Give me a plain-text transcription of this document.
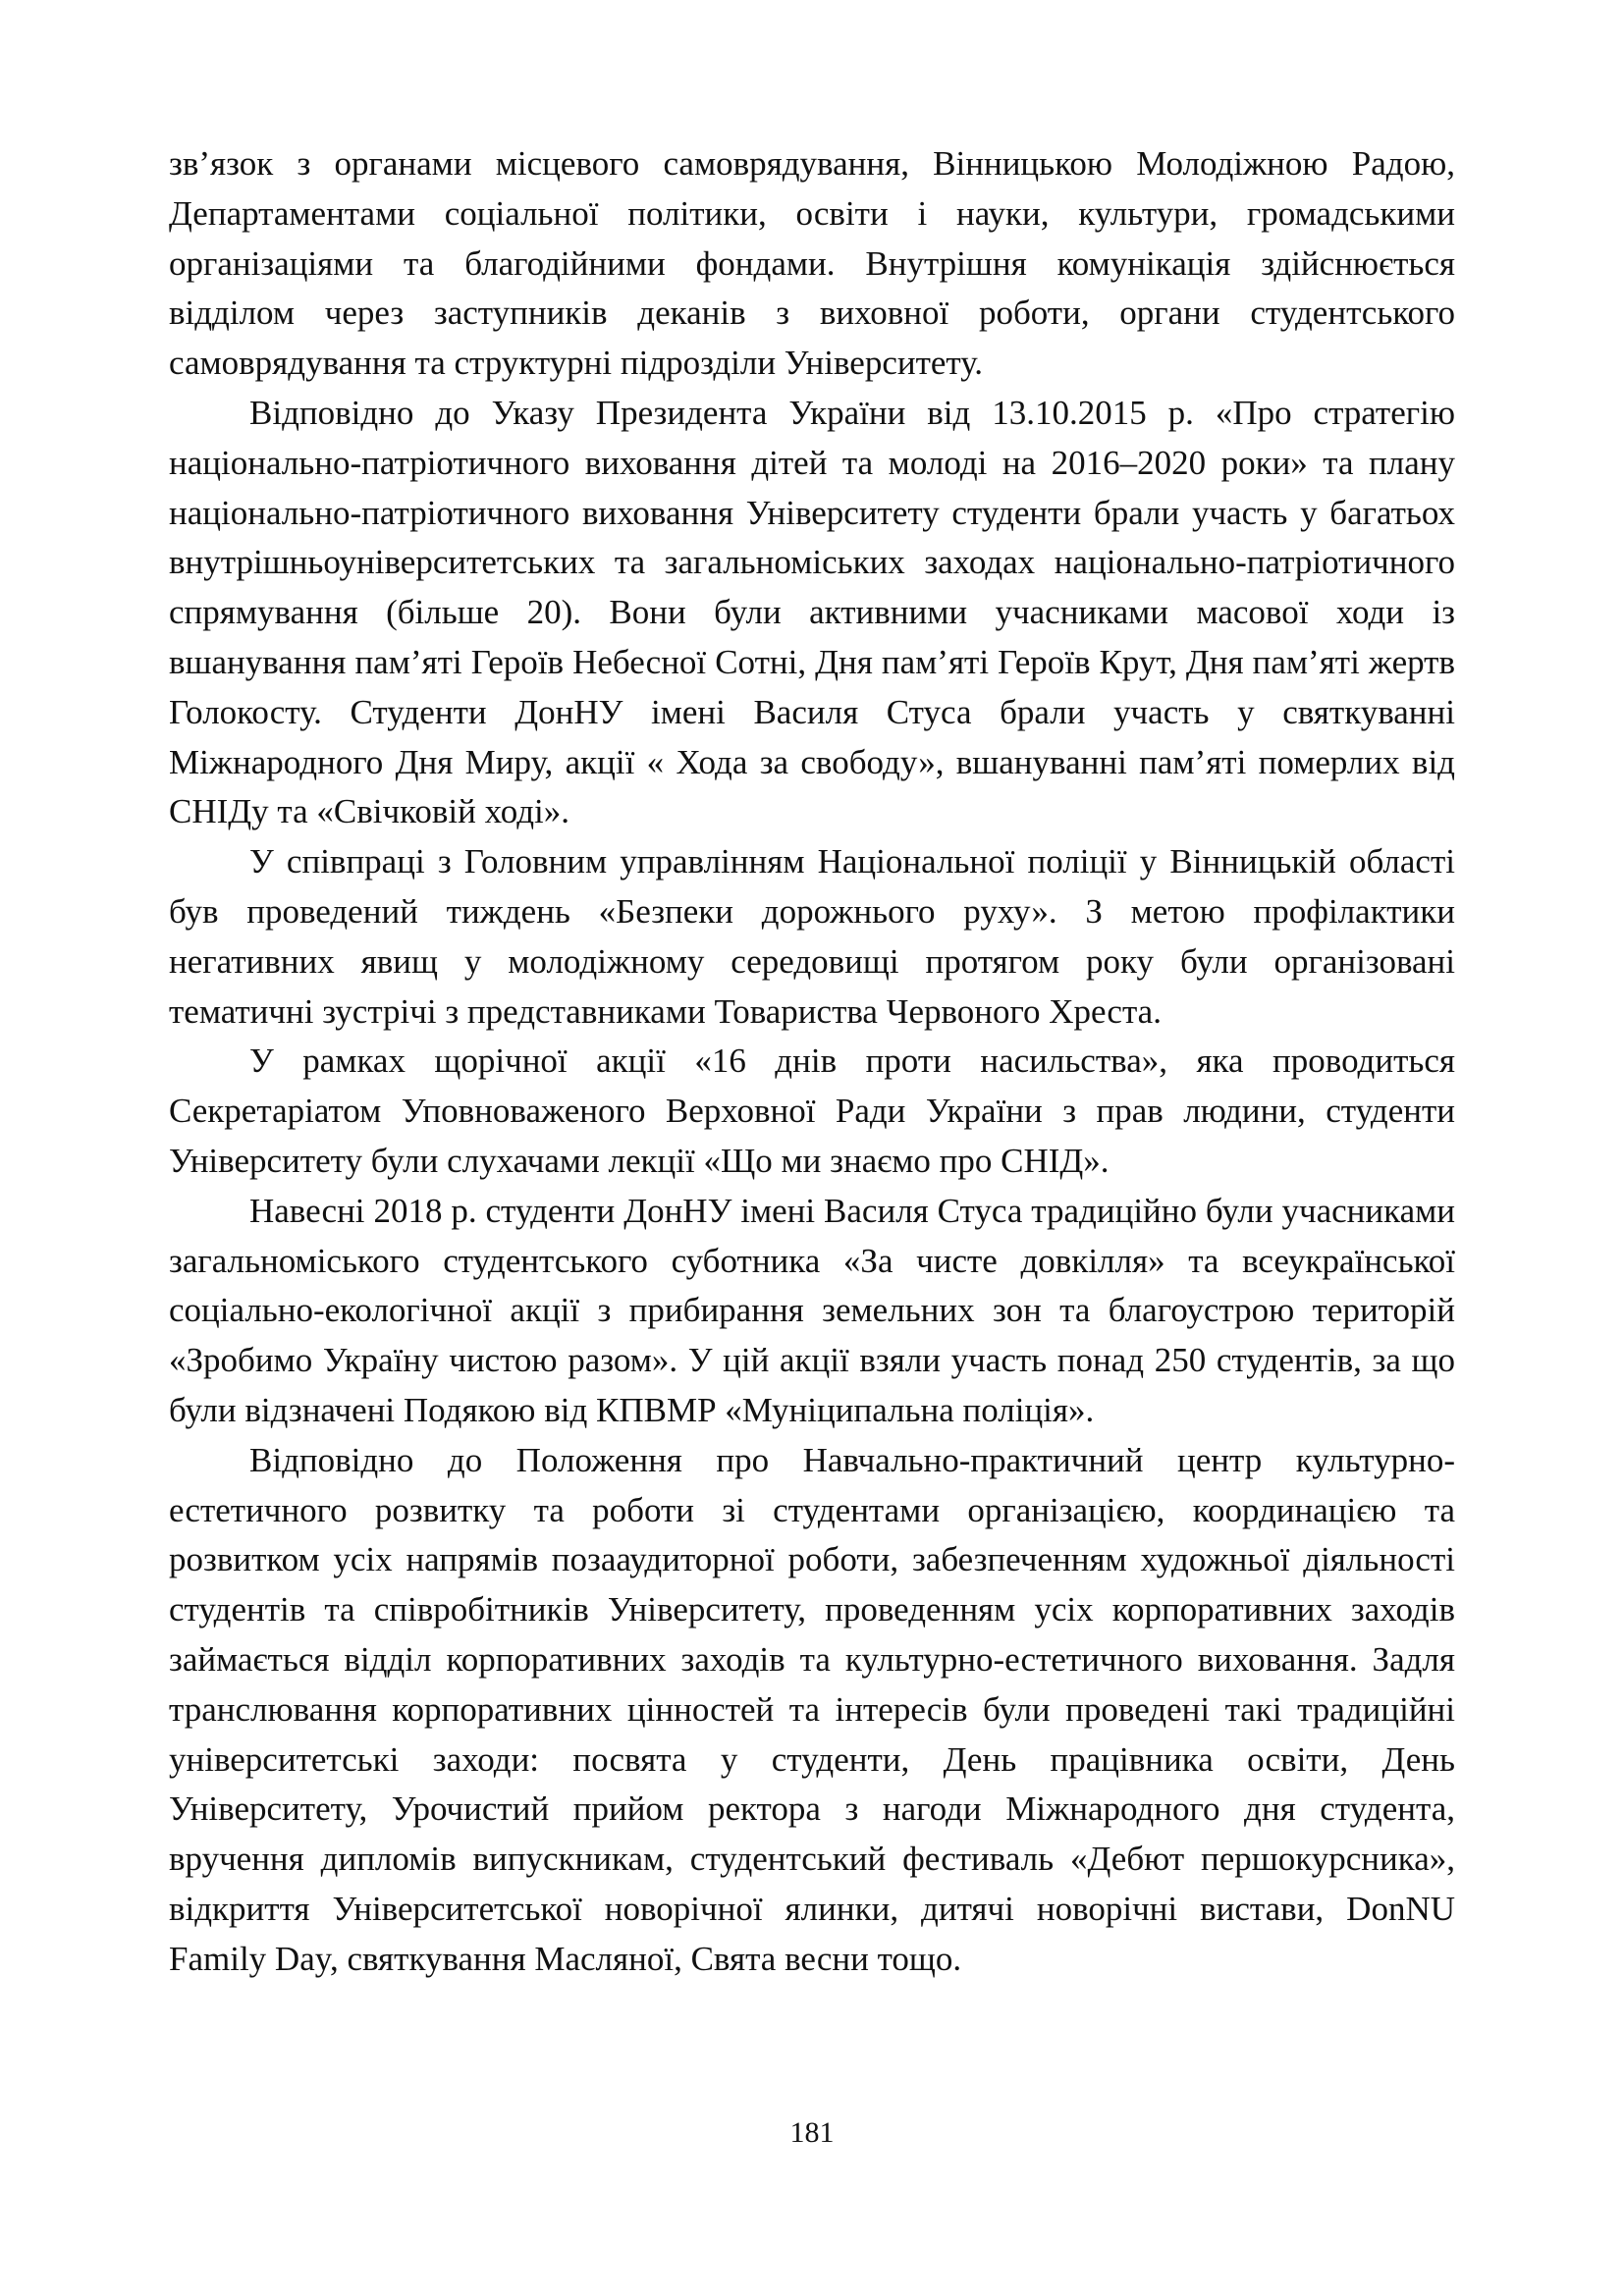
зв’язок з органами місцевого самоврядування, Вінницькою Молодіжною Радою, Департаментами соціальної політики, освіти і науки, культури, громадськими організаціями та благодійними фондами. Внутрішня комунікація здійснюється відділом через заступників деканів з виховної роботи, органи студентського самоврядування та структурні підрозділи Університету.

Відповідно до Указу Президента України від 13.10.2015 р. «Про стратегію національно-патріотичного виховання дітей та молоді на 2016–2020 роки» та плану національно-патріотичного виховання Університету студенти брали участь у багатьох внутрішньоуніверситетських та загальноміських заходах національно-патріотичного спрямування (більше 20). Вони були активними учасниками масової ходи із вшанування пам’яті Героїв Небесної Сотні, Дня пам’яті Героїв Крут, Дня пам’яті жертв Голокосту. Студенти ДонНУ імені Василя Стуса брали участь у святкуванні Міжнародного Дня Миру, акції « Хода за свободу», вшануванні пам’яті померлих від СНІДу та «Свічковій ході».

У співпраці з Головним управлінням Національної поліції у Вінницькій області був проведений тиждень «Безпеки дорожнього руху». З метою профілактики негативних явищ у молодіжному середовищі протягом року були організовані тематичні зустрічі з представниками Товариства Червоного Хреста.

У рамках щорічної акції «16 днів проти насильства», яка проводиться Секретаріатом Уповноваженого Верховної Ради України з прав людини, студенти Університету були слухачами лекції «Що ми знаємо про СНІД».

Навесні 2018 р. студенти ДонНУ імені Василя Стуса традиційно були учасниками загальноміського студентського суботника «За чисте довкілля» та всеукраїнської соціально-екологічної акції з прибирання земельних зон та благоустрою територій «Зробимо Україну чистою разом». У цій акції взяли участь понад 250 студентів, за що були відзначені Подякою від КПВМР «Муніципальна поліція».

Відповідно до Положення про Навчально-практичний центр культурно-естетичного розвитку та роботи зі студентами організацією, координацією та розвитком усіх напрямів позааудиторної роботи, забезпеченням художньої діяльності студентів та співробітників Університету, проведенням усіх корпоративних заходів займається відділ корпоративних заходів та культурно-естетичного виховання. Задля транслювання корпоративних цінностей та інтересів були проведені такі традиційні університетські заходи: посвята у студенти, День працівника освіти, День Університету, Урочистий прийом ректора з нагоди Міжнародного дня студента, вручення дипломів випускникам, студентський фестиваль «Дебют першокурсника», відкриття Університетської новорічної ялинки, дитячі новорічні вистави, DonNU Family Day, святкування Масляної, Свята весни тощо.

181
